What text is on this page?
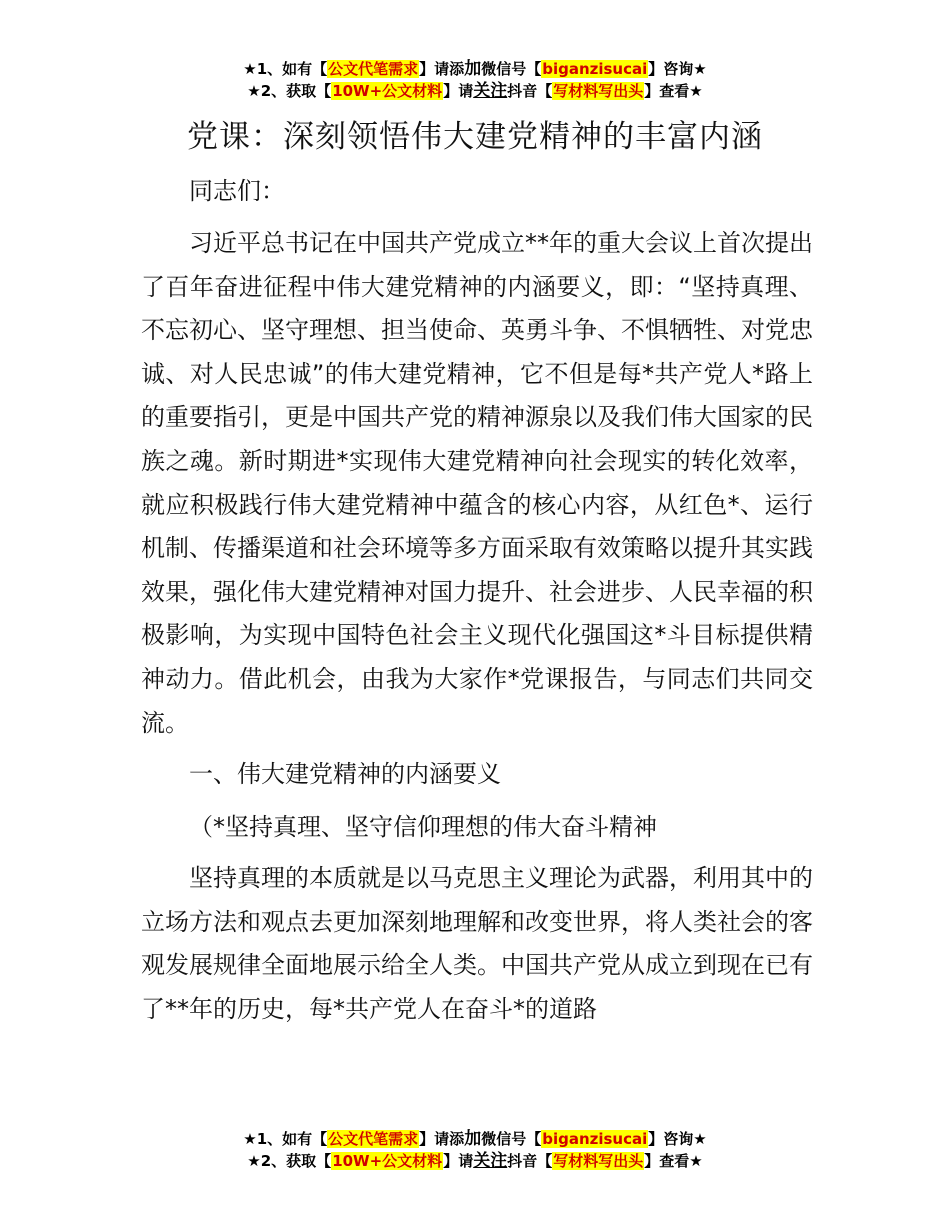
★1、如有【公文代笔需求】请添加微信号【biganzisucai】咨询★
★2、获取【10W+公文材料】请关注抖音【写材料写出头】查看★
党课：深刻领悟伟大建党精神的丰富内涵
同志们：

习近平总书记在中国共产党成立**年的重大会议上首次提出了百年奋进征程中伟大建党精神的内涵要义，即：“坚持真理、不忘初心、坚守理想、担当使命、英勇斗争、不惧牺牲、对党忠诚、对人民忠诚”的伟大建党精神，它不但是每*共产党人*路上的重要指引，更是中国共产党的精神源泉以及我们伟大国家的民族之魂。新时期进*实现伟大建党精神向社会现实的转化效率，就应积极践行伟大建党精神中蕴含的核心内容，从红色*、运行机制、传播渠道和社会环境等多方面采取有效策略以提升其实践效果，强化伟大建党精神对国力提升、社会进步、人民幸福的积极影响，为实现中国特色社会主义现代化强国这*斗目标提供精神动力。借此机会，由我为大家作*党课报告，与同志们共同交流。

一、伟大建党精神的内涵要义
（*坚持真理、坚守信仰理想的伟大奋斗精神

坚持真理的本质就是以马克思主义理论为武器，利用其中的立场方法和观点去更加深刻地理解和改变世界，将人类社会的客观发展规律全面地展示给全人类。中国共产党从成立到现在已有了**年的历史，每*共产党人在奋斗*的道路

★1、如有【公文代笔需求】请添加微信号【biganzisucai】咨询★
★2、获取【10W+公文材料】请关注抖音【写材料写出头】查看★
